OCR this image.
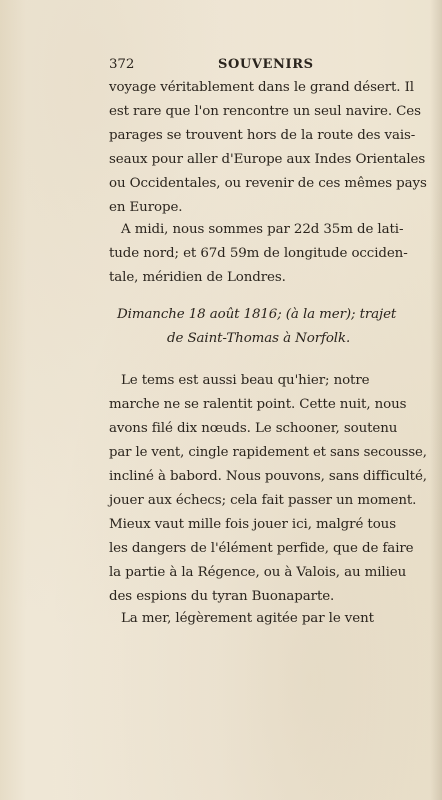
372	SOUVENIRS
voyage véritablement dans le grand désert. Il
est rare que l'on rencontre un seul navire. Ces
parages se trouvent hors de la route des vais-
seaux pour aller d'Europe aux Indes Orientales
ou Occidentales, ou revenir de ces mêmes pays
en Europe.
A midi, nous sommes par 22d 35m de lati-
tude nord; et 67d 59m de longitude occiden-
tale, méridien de Londres.
Dimanche 18 août 1816; (à la mer); trajet
de Saint-Thomas à Norfolk.
Le tems est aussi beau qu'hier; notre
marche ne se ralentit point. Cette nuit, nous
avons filé dix nœuds. Le schooner, soutenu
par le vent, cingle rapidement et sans secousse,
incliné à babord. Nous pouvons, sans difficulté,
jouer aux échecs; cela fait passer un moment.
Mieux vaut mille fois jouer ici, malgré tous
les dangers de l'élément perfide, que de faire
la partie à la Régence, ou à Valois, au milieu
des espions du tyran Buonaparte.
La mer, légèrement agitée par le vent
